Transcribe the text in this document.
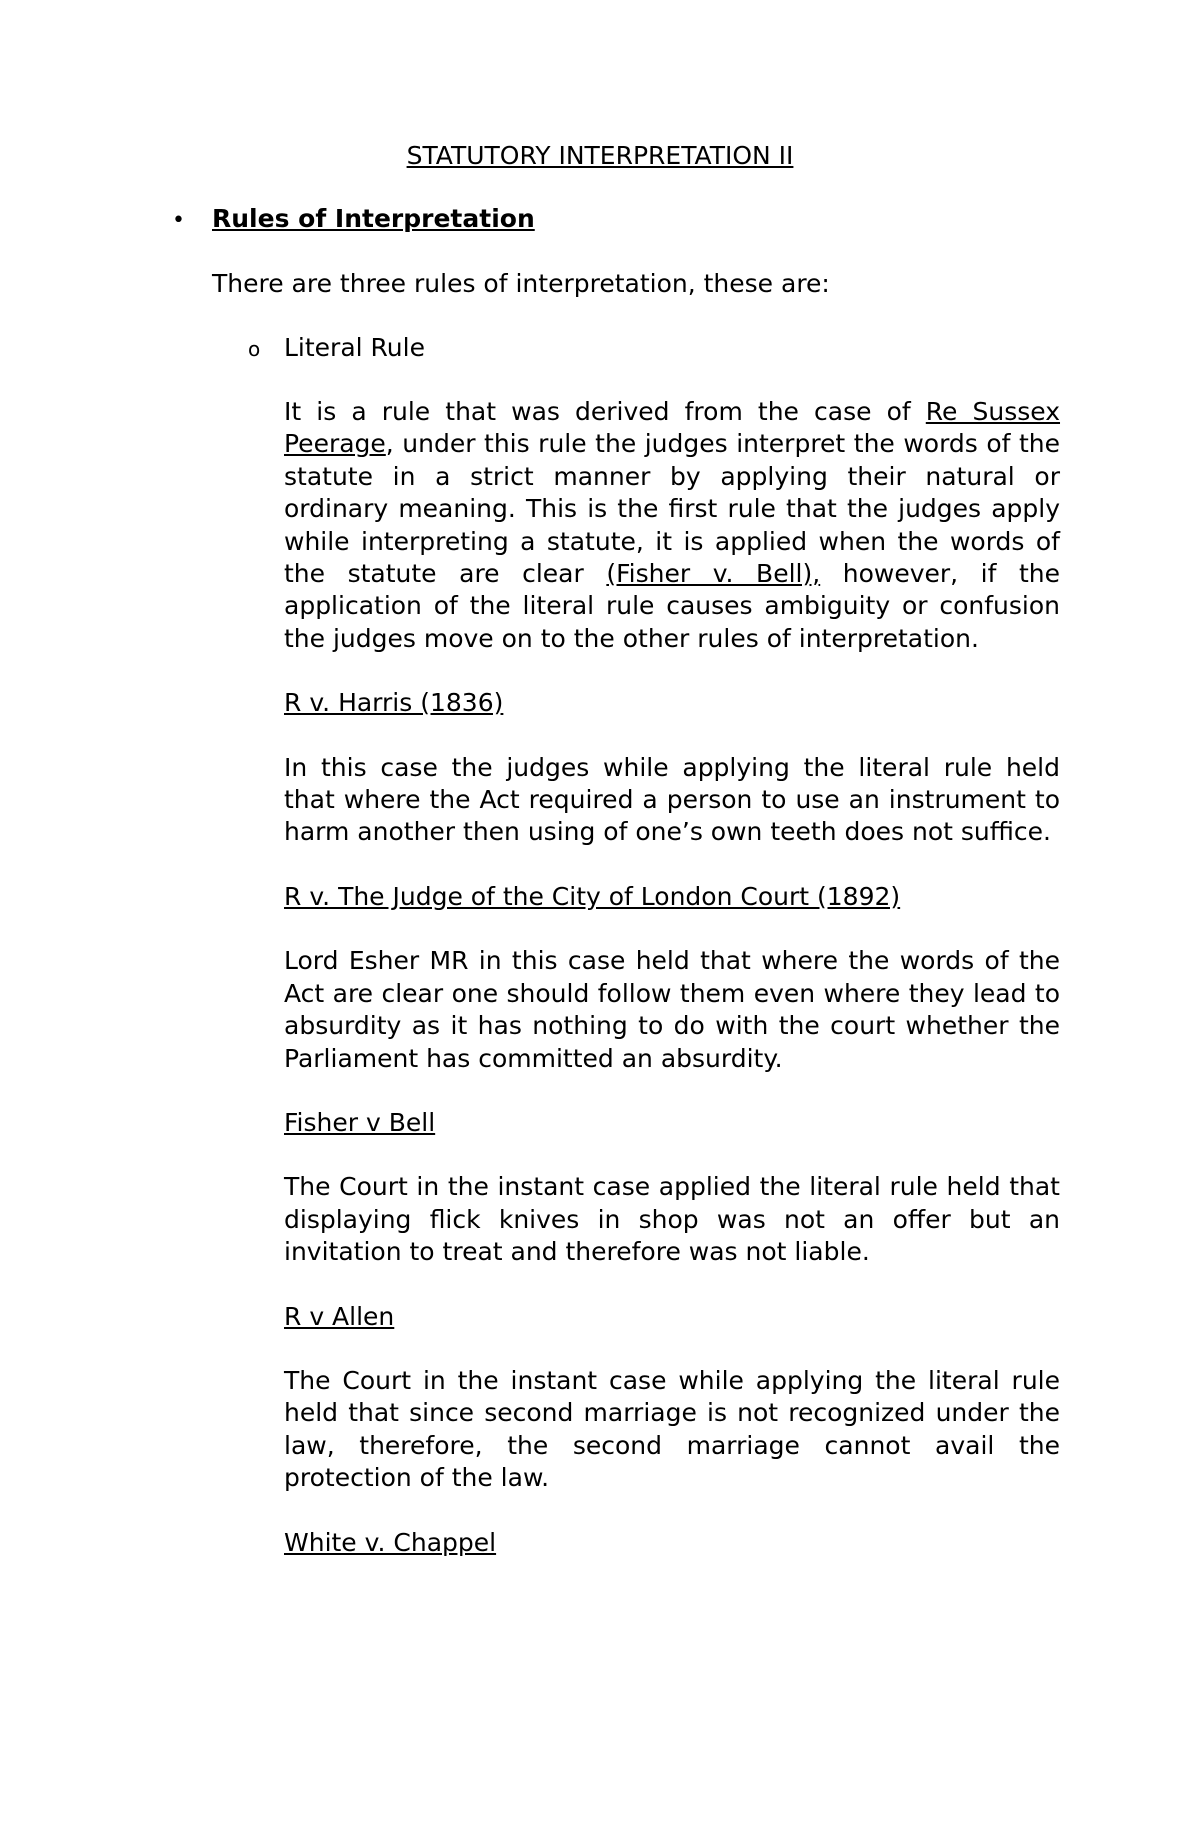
STATUTORY INTERPRETATION II
• Rules of Interpretation
There are three rules of interpretation, these are:
o Literal Rule

It is a rule that was derived from the case of Re Sussex Peerage, under this rule the judges interpret the words of the statute in a strict manner by applying their natural or ordinary meaning. This is the first rule that the judges apply while interpreting a statute, it is applied when the words of the statute are clear (Fisher v. Bell), however, if the application of the literal rule causes ambiguity or confusion the judges move on to the other rules of interpretation.

R v. Harris (1836)

In this case the judges while applying the literal rule held that where the Act required a person to use an instrument to harm another then using of one’s own teeth does not suffice.

R v. The Judge of the City of London Court (1892)

Lord Esher MR in this case held that where the words of the Act are clear one should follow them even where they lead to absurdity as it has nothing to do with the court whether the Parliament has committed an absurdity.

Fisher v Bell

The Court in the instant case applied the literal rule held that displaying flick knives in shop was not an offer but an invitation to treat and therefore was not liable.

R v Allen

The Court in the instant case while applying the literal rule held that since second marriage is not recognized under the law, therefore, the second marriage cannot avail the protection of the law.

White v. Chappel
